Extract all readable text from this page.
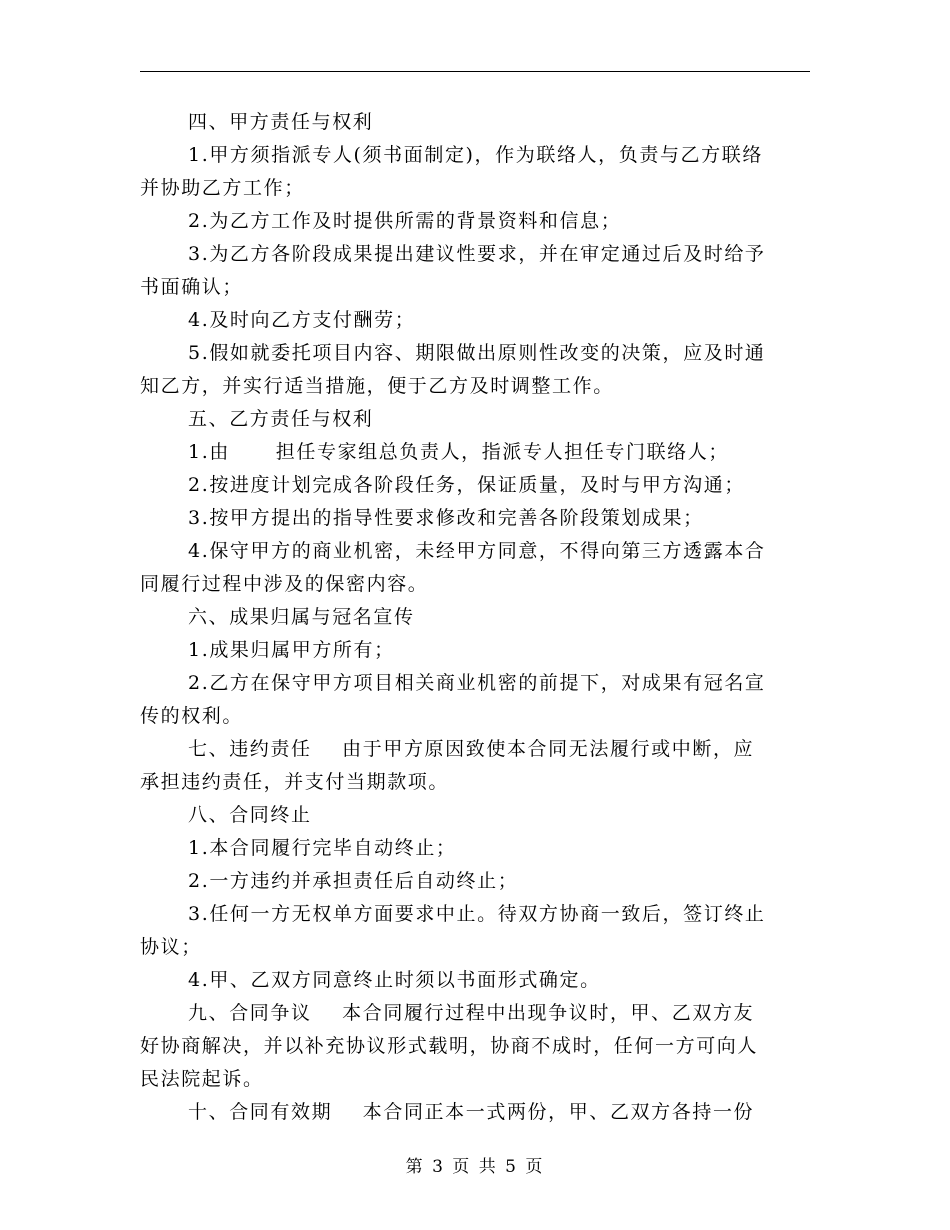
四、甲方责任与权利
1.甲方须指派专人(须书面制定)，作为联络人，负责与乙方联络
并协助乙方工作；
2.为乙方工作及时提供所需的背景资料和信息；
3.为乙方各阶段成果提出建议性要求，并在审定通过后及时给予
书面确认；
4.及时向乙方支付酬劳；
5.假如就委托项目内容、期限做出原则性改变的决策，应及时通
知乙方，并实行适当措施，便于乙方及时调整工作。
五、乙方责任与权利
1.由      担任专家组总负责人，指派专人担任专门联络人；
2.按进度计划完成各阶段任务，保证质量，及时与甲方沟通；
3.按甲方提出的指导性要求修改和完善各阶段策划成果；
4.保守甲方的商业机密，未经甲方同意，不得向第三方透露本合
同履行过程中涉及的保密内容。
六、成果归属与冠名宣传
1.成果归属甲方所有；
2.乙方在保守甲方项目相关商业机密的前提下，对成果有冠名宣
传的权利。
七、违约责任    由于甲方原因致使本合同无法履行或中断，应
承担违约责任，并支付当期款项。
八、合同终止
1.本合同履行完毕自动终止；
2.一方违约并承担责任后自动终止；
3.任何一方无权单方面要求中止。待双方协商一致后，签订终止
协议；
4.甲、乙双方同意终止时须以书面形式确定。
九、合同争议    本合同履行过程中出现争议时，甲、乙双方友
好协商解决，并以补充协议形式载明，协商不成时，任何一方可向人
民法院起诉。
十、合同有效期    本合同正本一式两份，甲、乙双方各持一份
第 3 页 共 5 页
